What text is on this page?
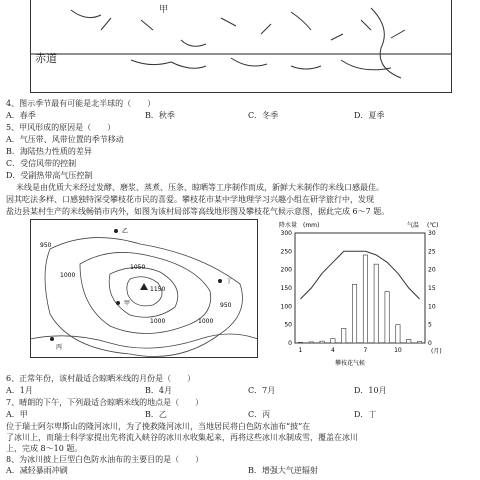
赤道
甲
4、图示季节最有可能是北半球的（　　）
A．春季	B．秋季	C．冬季	D．夏季
5、甲风形成的原因是（　　）
A．气压带、风带位置的季节移动
B．海陆热力性质的差异
C．受信风带的控制
D．受副热带高气压控制
米线是由优质大米经过发酵、磨浆、蒸煮、压条、晾晒等工序制作而成，新鲜大米制作的米线口感最佳。
因其吃法多样、口感独特深受攀枝花市民的喜爱。攀枝花市某中学地理学习兴趣小组在研学旅行中，发现
盐边县某村生产的米线畅销市内外，如图为该村局部等高线地形图及攀枝花气候示意图，据此完成 6～7 题。
950
1000
1050
1150
1000	1000
950
甲
乙
丙
丁
降水量 (mm)	气温 (℃)
300
250
200
150
100
50
0
30
25
20
15
10
5
0
1	4	7	10	(月)
攀枝花气候
6、正常年份，该村最适合晾晒米线的月份是（　　）
A．1月	B．4月	C．7月	D．10月
7、晴朗的下午，下列最适合晾晒米线的地点是（　　）
A．甲	B．乙	C．丙	D．丁
位于瑞士阿尔卑斯山的隆河冰川，为了挽救隆河冰川，当地居民将白色防水油布“披”在
了冰川上，而瑞士科学家提出先将流入峡谷的冰川水收集起来，再将这些冰川水制成雪，覆盖在冰川
上，完成 8～10 题。
8、为冰川披上巨型白色防水油布的主要目的是（　　）
A．减轻暴雨冲刷	B．增强大气逆辐射
